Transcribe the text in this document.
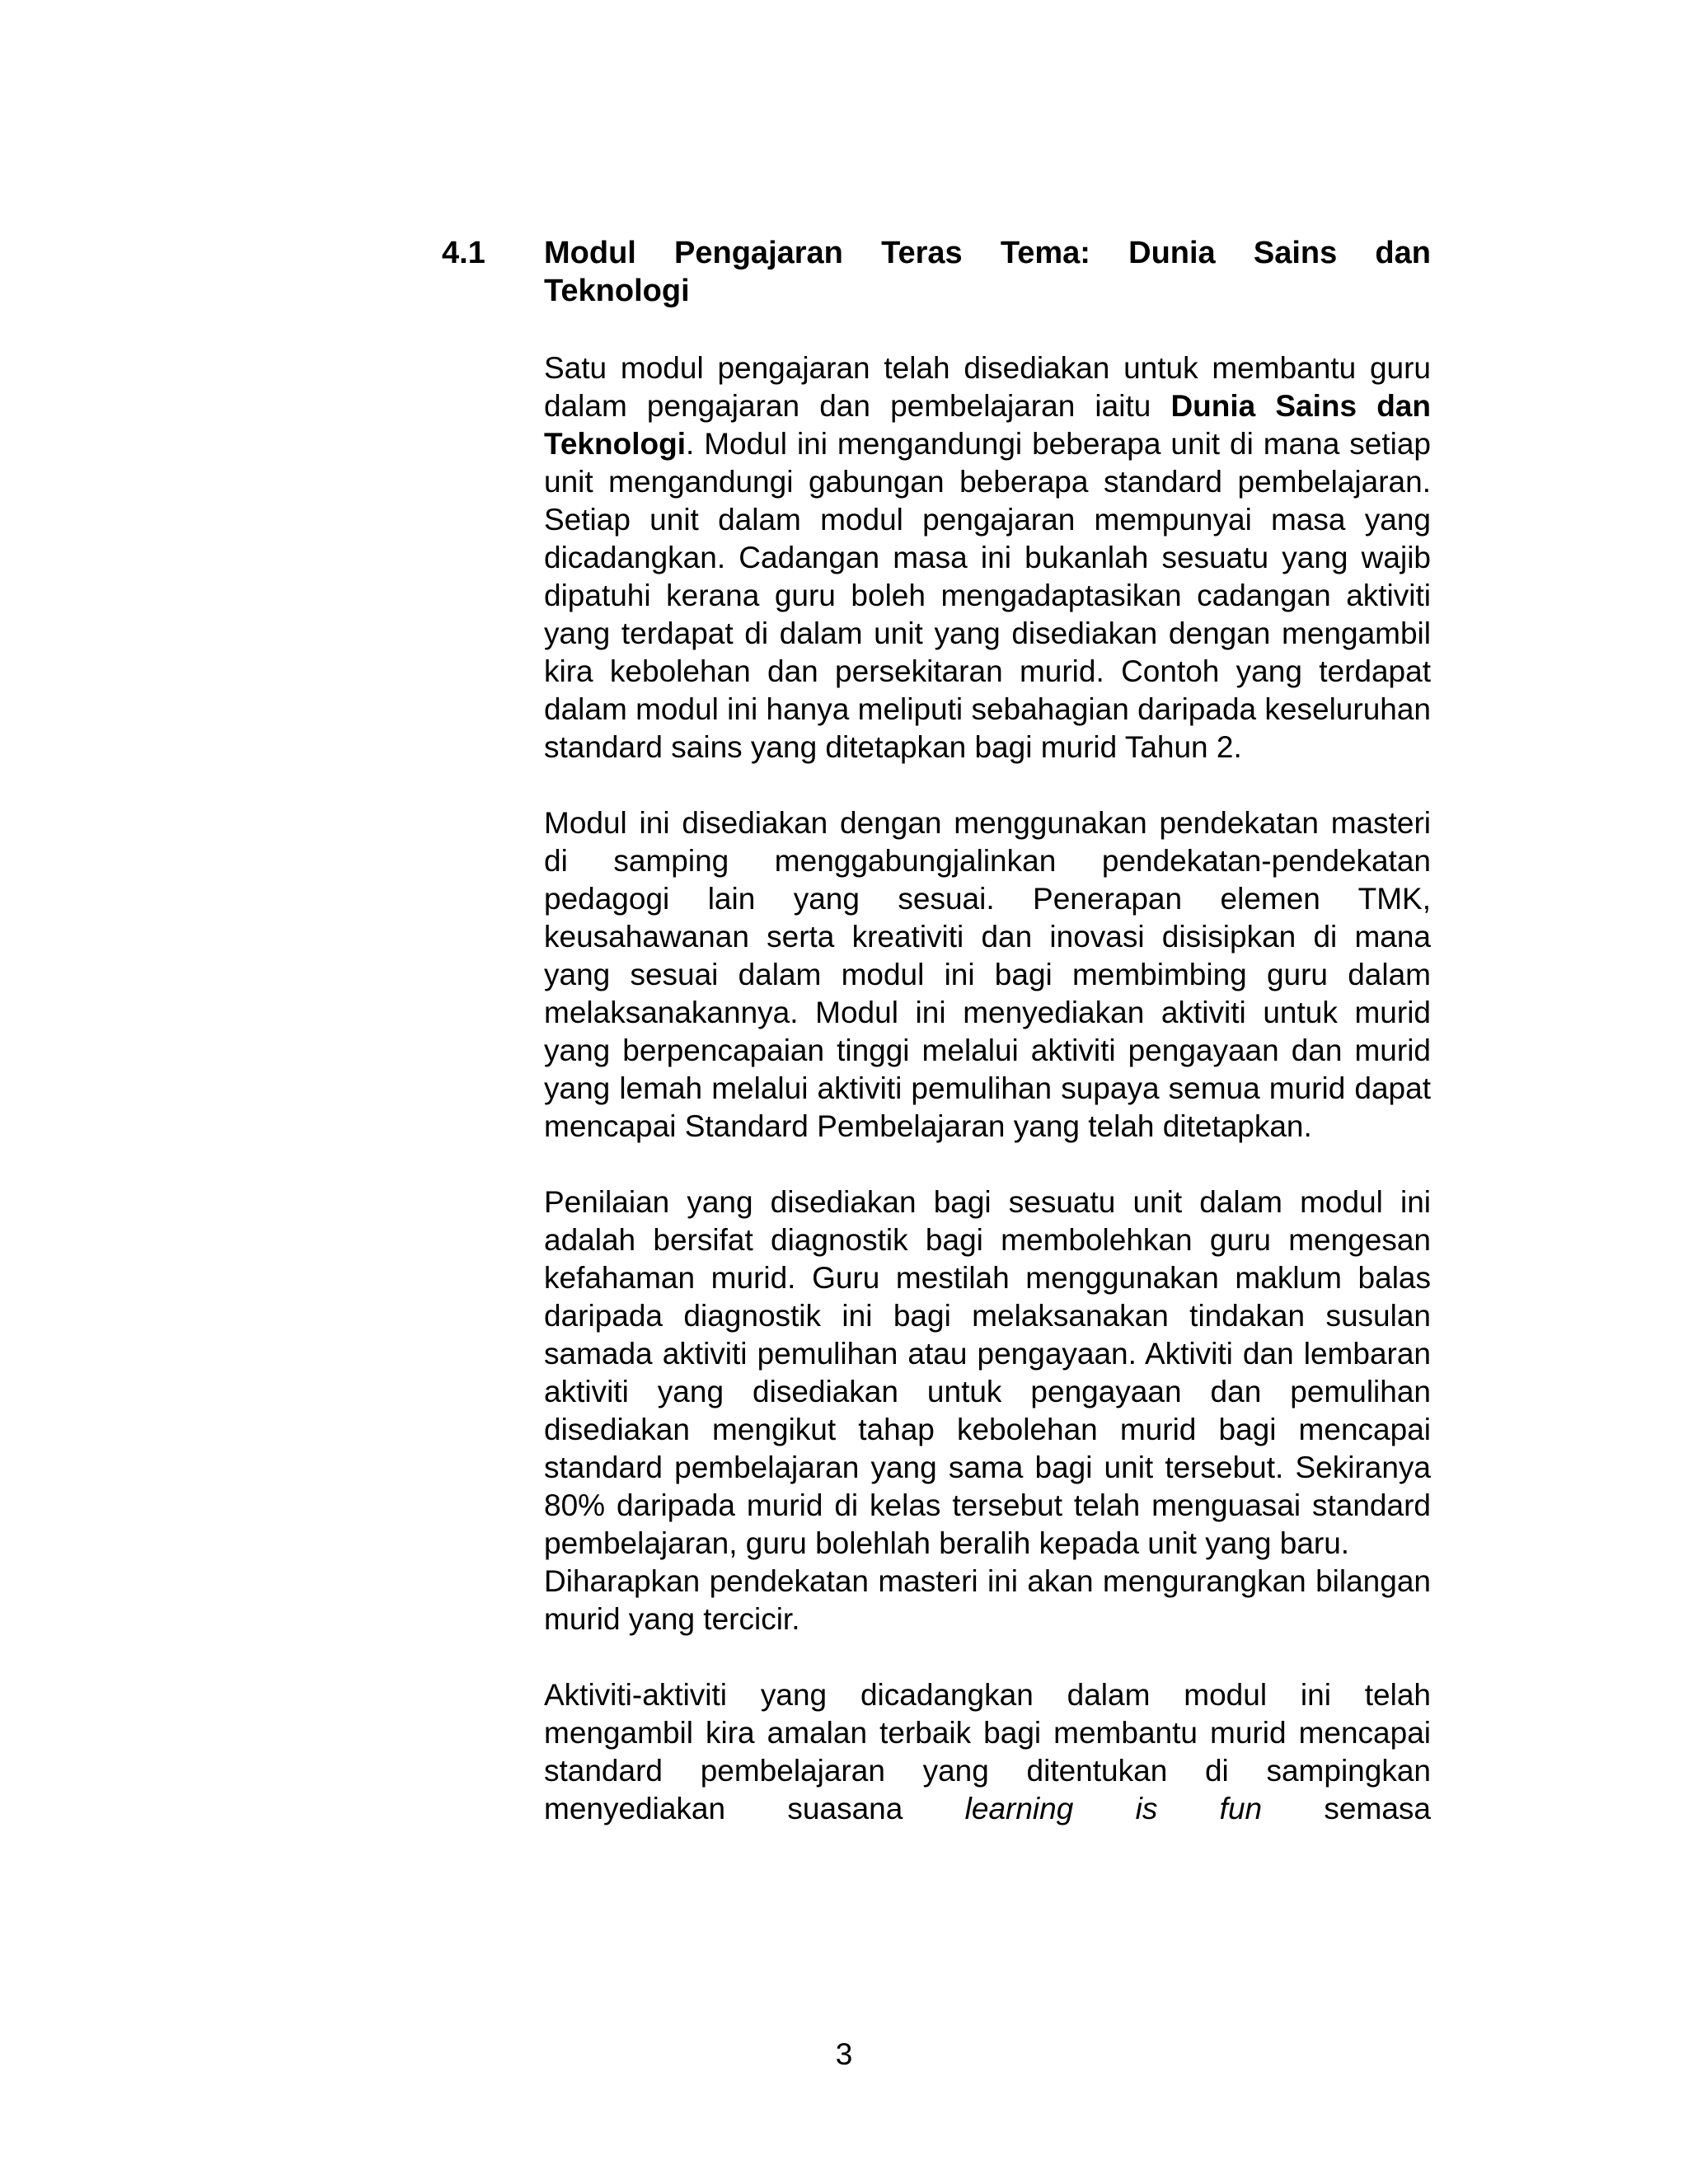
4.1 Modul Pengajaran Teras Tema: Dunia Sains dan
Teknologi

Satu modul pengajaran telah disediakan untuk membantu guru dalam pengajaran dan pembelajaran iaitu Dunia Sains dan Teknologi. Modul ini mengandungi beberapa unit di mana setiap unit mengandungi gabungan beberapa standard pembelajaran. Setiap unit dalam modul pengajaran mempunyai masa yang dicadangkan. Cadangan masa ini bukanlah sesuatu yang wajib dipatuhi kerana guru boleh mengadaptasikan cadangan aktiviti yang terdapat di dalam unit yang disediakan dengan mengambil kira kebolehan dan persekitaran murid. Contoh yang terdapat dalam modul ini hanya meliputi sebahagian daripada keseluruhan standard sains yang ditetapkan bagi murid Tahun 2.

Modul ini disediakan dengan menggunakan pendekatan masteri di samping menggabungjalinkan pendekatan-pendekatan pedagogi lain yang sesuai. Penerapan elemen TMK, keusahawanan serta kreativiti dan inovasi disisipkan di mana yang sesuai dalam modul ini bagi membimbing guru dalam melaksanakannya. Modul ini menyediakan aktiviti untuk murid yang berpencapaian tinggi melalui aktiviti pengayaan dan murid yang lemah melalui aktiviti pemulihan supaya semua murid dapat mencapai Standard Pembelajaran yang telah ditetapkan.

Penilaian yang disediakan bagi sesuatu unit dalam modul ini adalah bersifat diagnostik bagi membolehkan guru mengesan kefahaman murid. Guru mestilah menggunakan maklum balas daripada diagnostik ini bagi melaksanakan tindakan susulan samada aktiviti pemulihan atau pengayaan. Aktiviti dan lembaran aktiviti yang disediakan untuk pengayaan dan pemulihan disediakan mengikut tahap kebolehan murid bagi mencapai standard pembelajaran yang sama bagi unit tersebut. Sekiranya 80% daripada murid di kelas tersebut telah menguasai standard pembelajaran, guru bolehlah beralih kepada unit yang baru.

Diharapkan pendekatan masteri ini akan mengurangkan bilangan murid yang tercicir.

Aktiviti-aktiviti yang dicadangkan dalam modul ini telah mengambil kira amalan terbaik bagi membantu murid mencapai standard pembelajaran yang ditentukan di sampingkan menyediakan suasana learning is fun semasa

3
